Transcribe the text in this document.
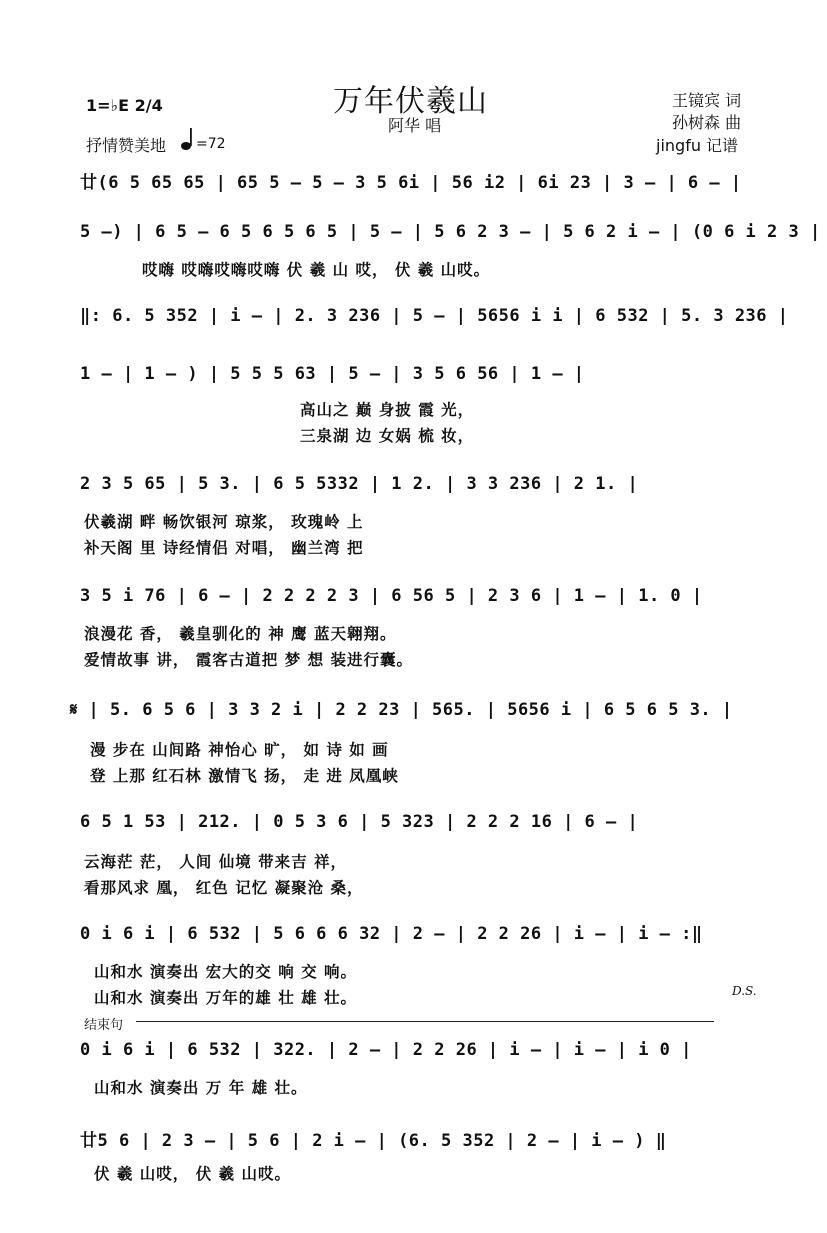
万年伏羲山
阿华 唱
1=♭E 2/4
抒情赞美地 =72
王镜宾 词
孙树森 曲
jingfu 记谱
廿(6 5 65 65 | 65 5 – 5 – 3 5 6i | 56 i2 | 6i 23 | 3 – | 6 – |
5 –) | 6 5 – 6 5 6 5 6 5 | 5 – | 5 6 2 3 – | 5 6 2 i – | (0 6 i 2 3 |
哎嗨 哎嗨哎嗨哎嗨 伏 羲 山 哎， 伏 羲 山哎。
‖: 6. 5 352 | i – | 2. 3 236 | 5 – | 5656 i i | 6 532 | 5. 3 236 |
1 – | 1 – ) | 5 5 5 63 | 5 – | 3 5 6 56 | 1 – |
高山之 巅 身披 霞 光，
三泉湖 边 女娲 梳 妆，
2 3 5 65 | 5 3. | 6 5 5332 | 1 2. | 3 3 236 | 2 1. |
伏羲湖 畔 畅饮银河 琼浆， 玫瑰岭 上
补天阁 里 诗经情侣 对唱， 幽兰湾 把
3 5 i 76 | 6 – | 2 2 2 2 3 | 6 56 5 | 2 3 6 | 1 – | 1. 0 |
浪漫花 香， 羲皇驯化的 神 鹰 蓝天翱翔。
爱情故事 讲， 霞客古道把 梦 想 装进行囊。
𝄋 | 5. 6 5 6 | 3 3 2 i | 2 2 23 | 565. | 5656 i | 6 5 6 5 3. |
漫 步在 山间路 神怡心 旷， 如 诗 如 画
登 上那 红石林 激情飞 扬， 走 进 凤凰峡
6 5 1 53 | 212. | 0 5 3 6 | 5 323 | 2 2 2 16 | 6 – |
云海茫 茫， 人间 仙境 带来吉 祥，
看那风求 凰， 红色 记忆 凝聚沧 桑，
0 i 6 i | 6 532 | 5 6 6 6 32 | 2 – | 2 2 26 | i – | i – :‖
山和水 演奏出 宏大的交 响 交 响。
山和水 演奏出 万年的雄 壮 雄 壮。	D.S.
结束句
0 i 6 i | 6 532 | 322. | 2 – | 2 2 26 | i – | i – | i 0 |
山和水 演奏出 万 年 雄 壮。
廿5 6 | 2 3 – | 5 6 | 2 i – | (6. 5 352 | 2 – | i – ) ‖
伏 羲 山哎， 伏 羲 山哎。
